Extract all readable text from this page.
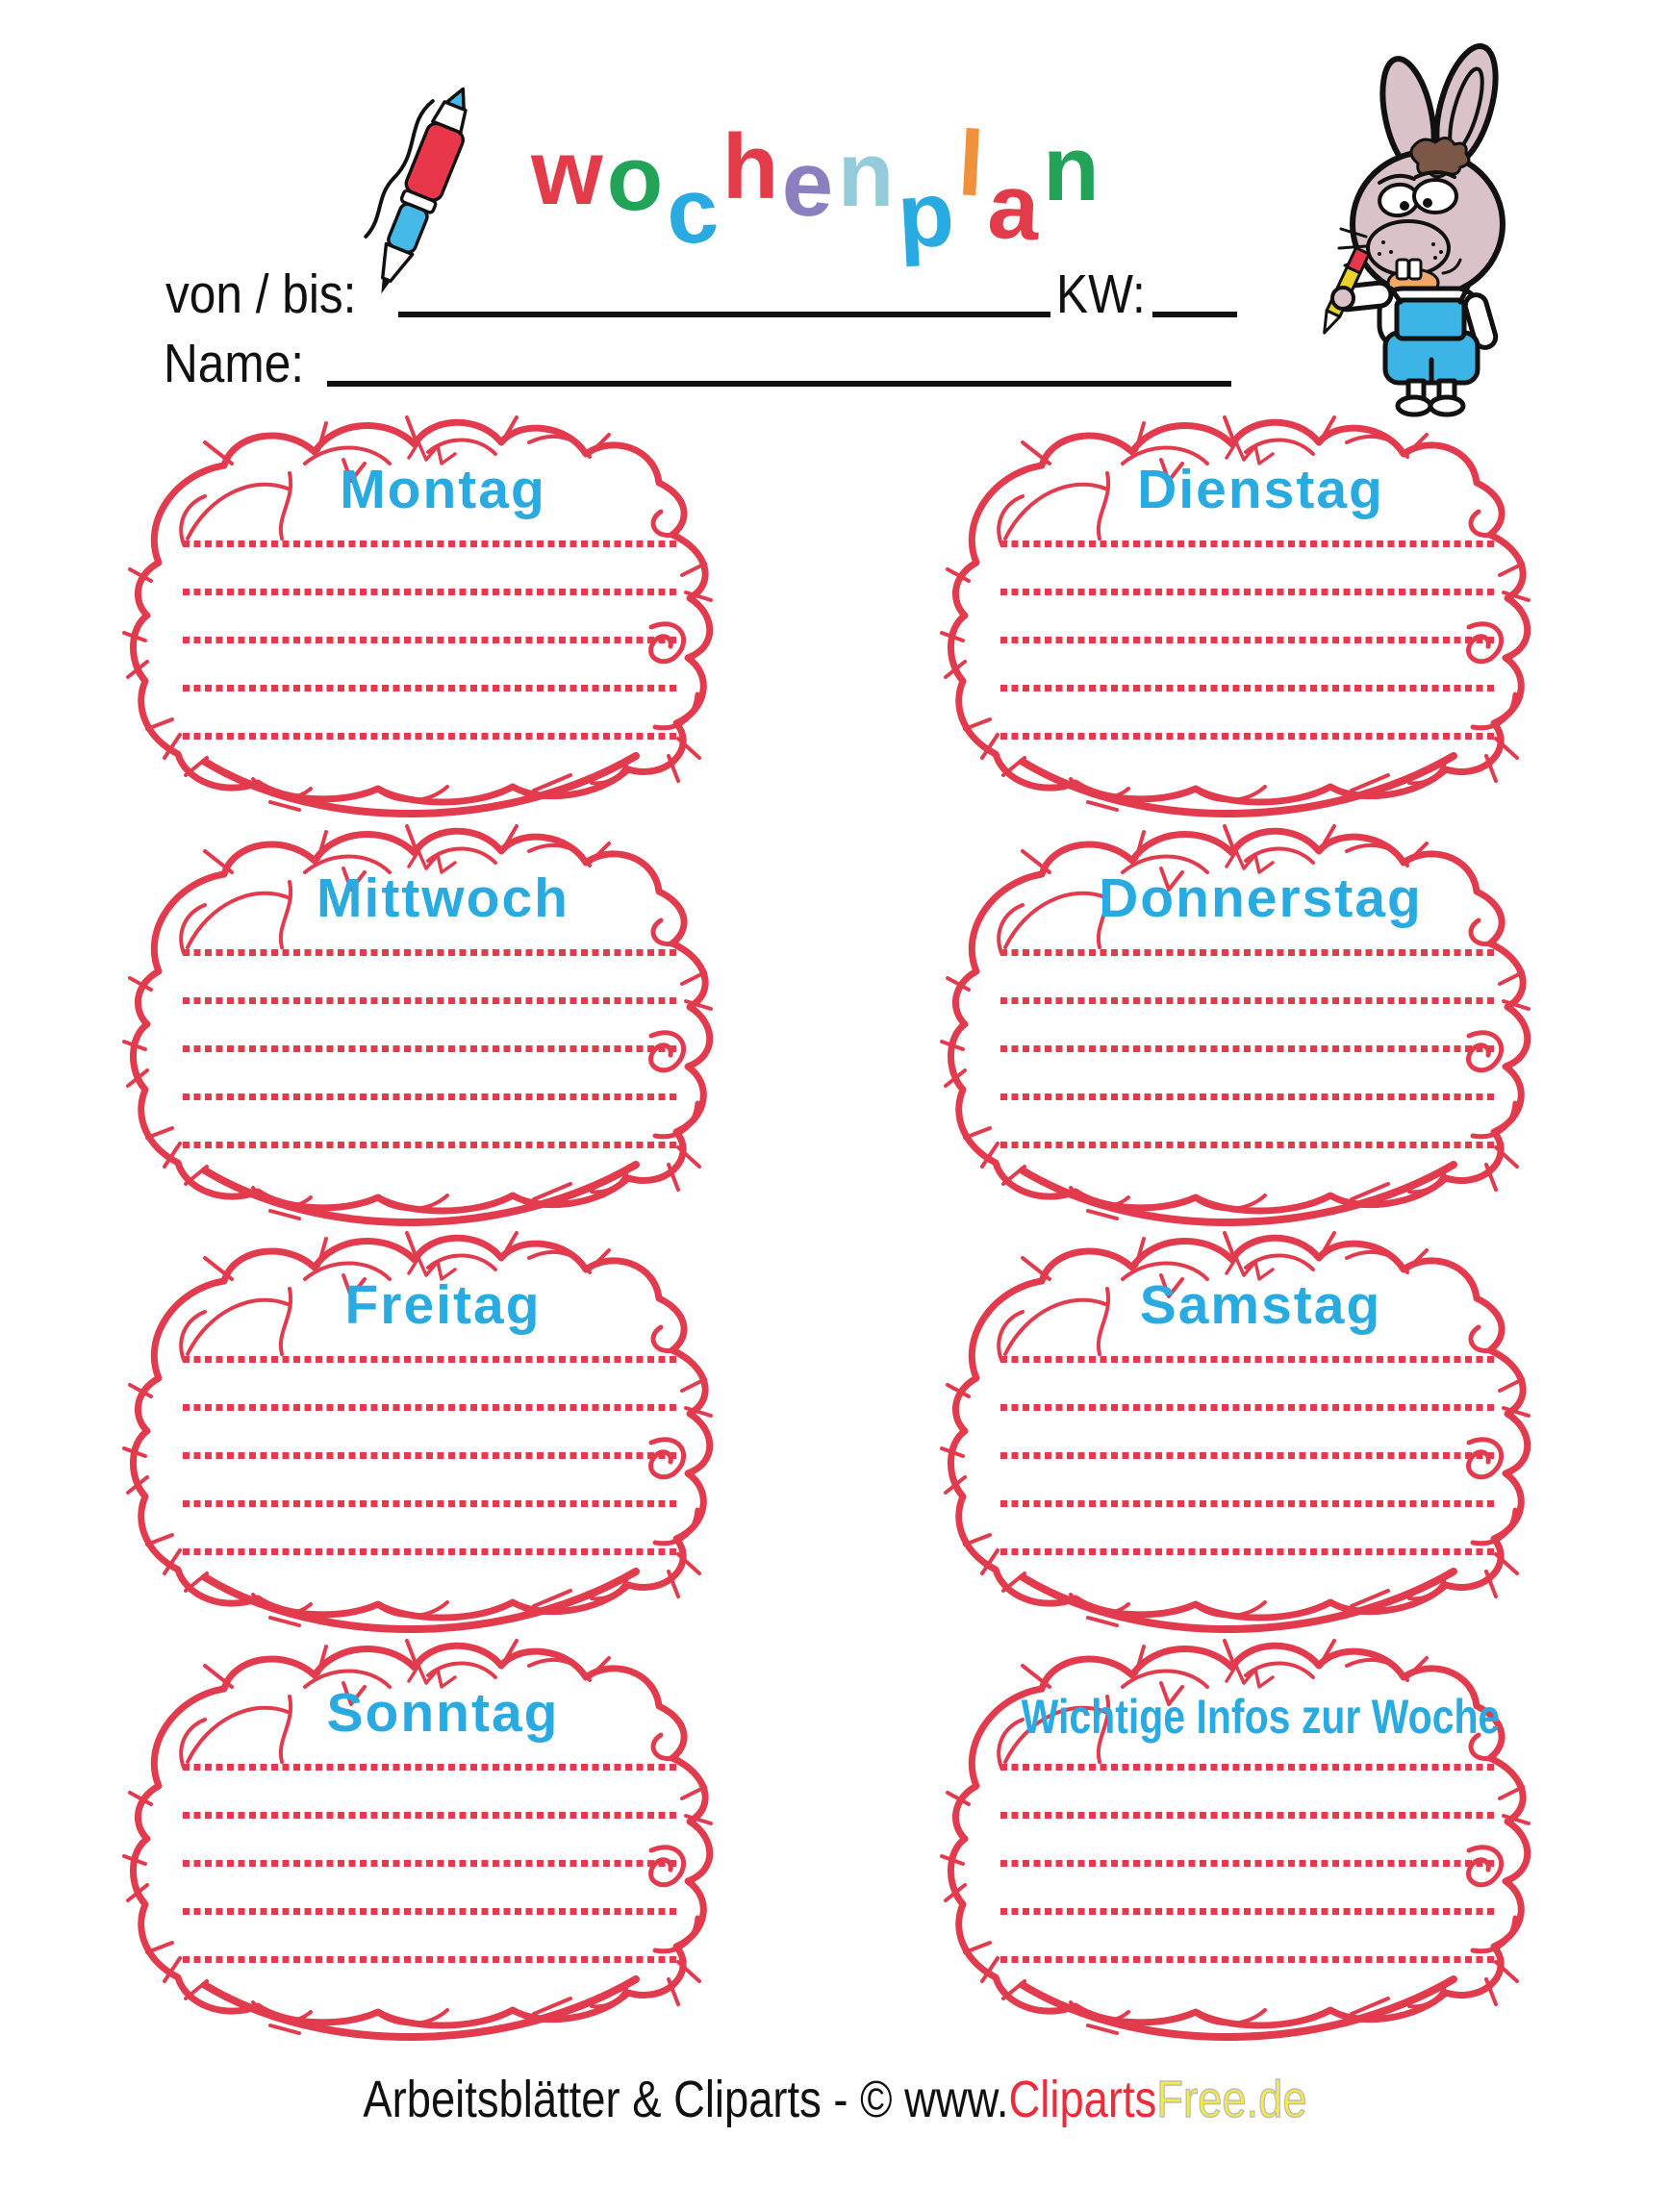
wochenplan
von / bis:	KW:
Name:
Montag	Dienstag
Mittwoch	Donnerstag
Freitag	Samstag
Sonntag	Wichtige Infos zur Woche
Arbeitsblätter & Cliparts - © www.ClipartsFree.de
